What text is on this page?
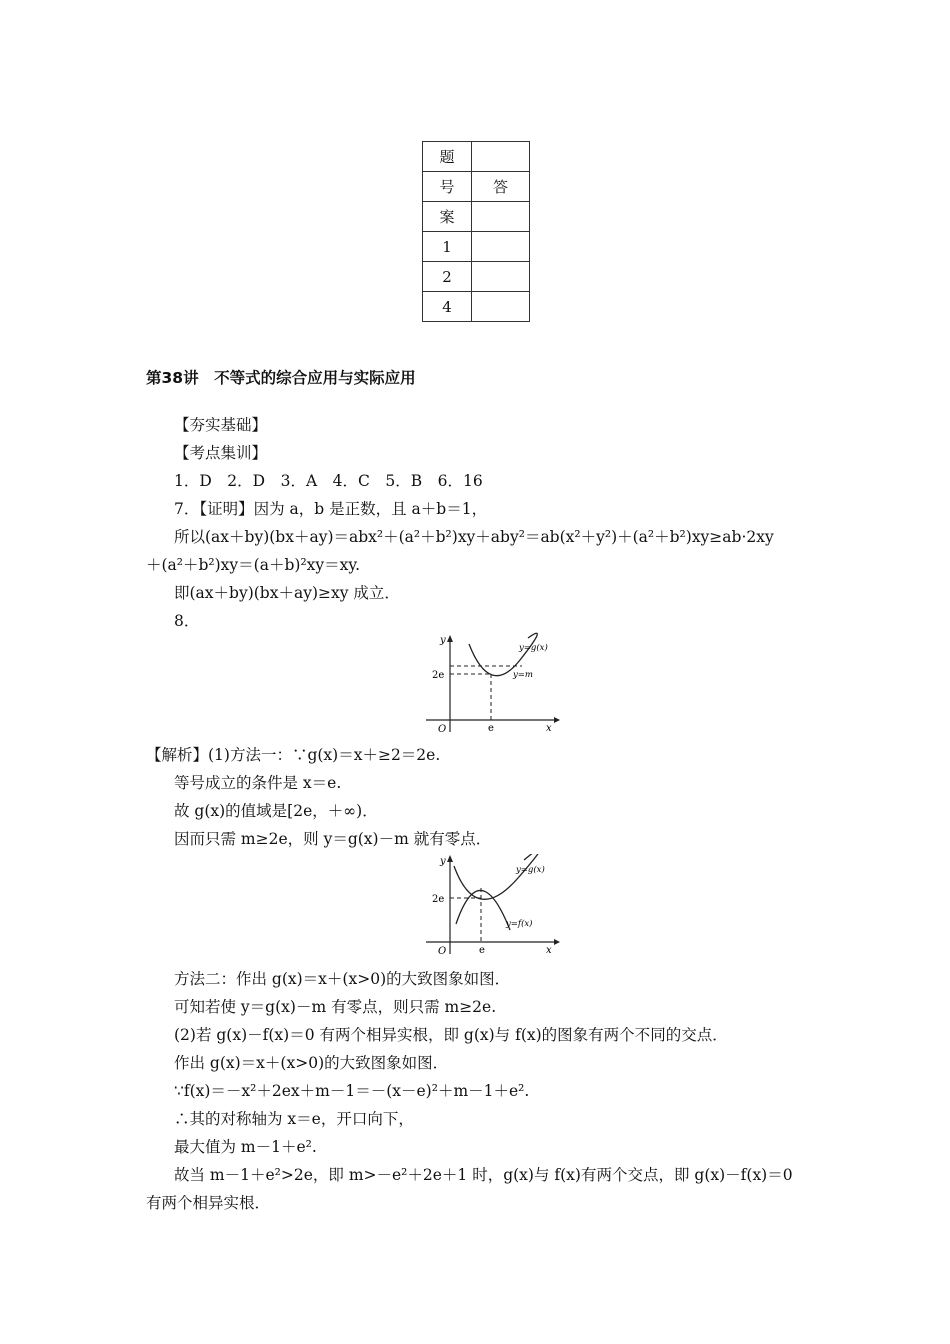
题	
号	答
案	
1	
2	
4	
第38讲　不等式的综合应用与实际应用
【夯实基础】
【考点集训】
1．D　2．D　3．A　4．C　5．B　6．16
7．【证明】因为 a，b 是正数，且 a＋b＝1，
所以(ax＋by)(bx＋ay)＝abx²＋(a²＋b²)xy＋aby²＝ab(x²＋y²)＋(a²＋b²)xy≥ab·2xy
＋(a²＋b²)xy＝(a＋b)²xy＝xy.
即(ax＋by)(bx＋ay)≥xy 成立．
8．
y
x
O
2e
e
y=g(x)
y=m
【解析】(1)方法一：∵g(x)＝x＋≥2＝2e.
等号成立的条件是 x＝e.
故 g(x)的值域是[2e，＋∞)．
因而只需 m≥2e，则 y＝g(x)－m 就有零点．
y
x
O
2e
e
y=g(x)
y=f(x)
方法二：作出 g(x)＝x＋(x>0)的大致图象如图．
可知若使 y＝g(x)－m 有零点，则只需 m≥2e.
(2)若 g(x)－f(x)＝0 有两个相异实根，即 g(x)与 f(x)的图象有两个不同的交点．
作出 g(x)＝x＋(x>0)的大致图象如图．
∵f(x)＝－x²＋2ex＋m－1＝－(x－e)²＋m－1＋e².
∴其的对称轴为 x＝e，开口向下，
最大值为 m－1＋e².
故当 m－1＋e²>2e，即 m>－e²＋2e＋1 时，g(x)与 f(x)有两个交点，即 g(x)－f(x)＝0
有两个相异实根．
